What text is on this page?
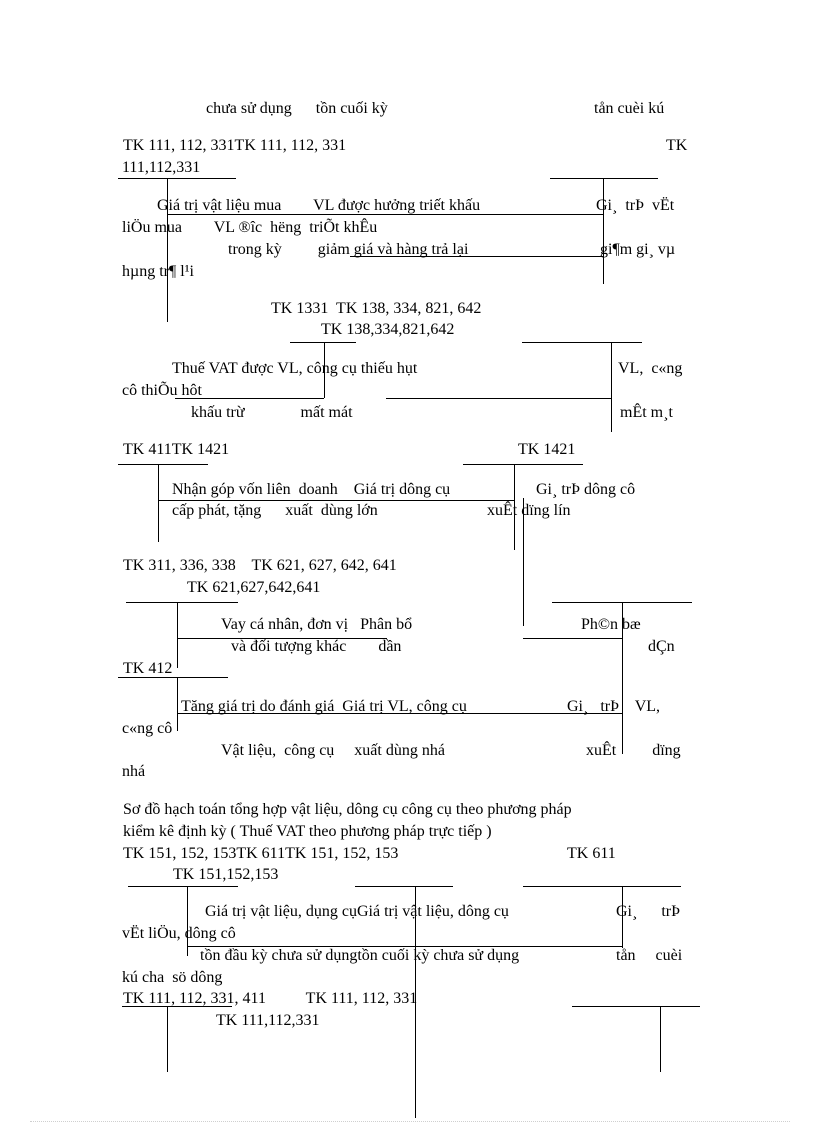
chưa sử dụng      tồn cuối kỳ	tån cuèi kú
TK 111, 112, 331TK 111, 112, 331	TK
111,112,331
Giá trị vật liệu mua        VL được hưởng triết khấu	Gi¸  trÞ  vËt
liÖu mua        VL ®îc  hëng  triÕt khÊu
trong kỳ         giảm giá và hàng trả lại	gi¶m gi¸ vµ
hµng tr¶ l¹i
TK 1331  TK 138, 334, 821, 642
TK 138,334,821,642
Thuế VAT được VL, công cụ thiếu hụt	VL,  c«ng
cô thiÕu hôt
khấu trừ              mất mát	mÊt m¸t
TK 411TK 1421	TK 1421
Nhận góp vốn liên  doanh    Giá trị dông cụ	Gi¸ trÞ dông cô
cấp phát, tặng      xuất  dùng lớn	xuÊt dïng lín
TK 311, 336, 338    TK 621, 627, 642, 641
TK 621,627,642,641
Vay cá nhân, đơn vị   Phân bổ	Ph©n bæ
và đối tượng khác        dần	dÇn
TK 412
Tăng giá trị do đánh giá  Giá trị VL, công cụ	Gi¸   trÞ    VL,
c«ng cô
Vật liệu,  công cụ     xuất dùng nhá	xuÊt         dïng
nhá
Sơ đồ hạch toán tổng hợp vật liệu, dông cụ công cụ theo phương pháp
kiểm kê định kỳ ( Thuế VAT theo phương pháp trực tiếp )
TK 151, 152, 153TK 611TK 151, 152, 153	TK 611
TK 151,152,153
Giá trị vật liệu, dụng cụGiá trị vật liệu, dông cụ	Gi¸      trÞ
vËt liÖu, dông cô
tồn đầu kỳ chưa sử dụngtồn cuối kỳ chưa sử dụng	tån     cuèi
kú cha  sö dông
TK 111, 112, 331, 411          TK 111, 112, 331
TK 111,112,331
